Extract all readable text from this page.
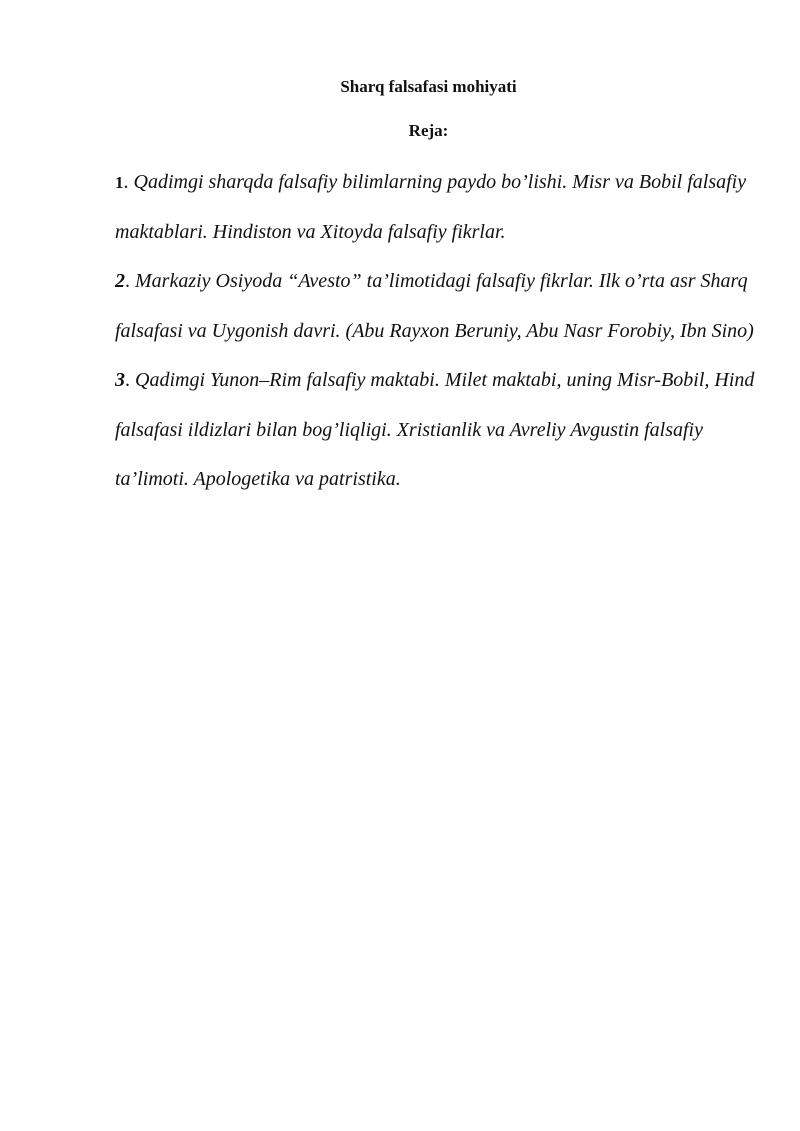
Sharq falsafasi mohiyati
Reja:
1. Qadimgi sharqda falsafiy bilimlarning paydo bo’lishi. Misr va Bobil falsafiy maktablari. Hindiston va Xitoyda falsafiy fikrlar.
2. Markaziy Osiyoda “Avesto” ta’limotidagi falsafiy fikrlar. Ilk o’rta asr Sharq falsafasi va Uygonish davri. (Abu Rayxon Beruniy, Abu Nasr Forobiy, Ibn Sino)
3. Qadimgi Yunon–Rim falsafiy maktabi. Milet maktabi, uning Misr-Bobil, Hind falsafasi ildizlari bilan bog’liqligi. Xristianlik va Avreliy Avgustin falsafiy ta’limoti. Apologetika va patristika.
